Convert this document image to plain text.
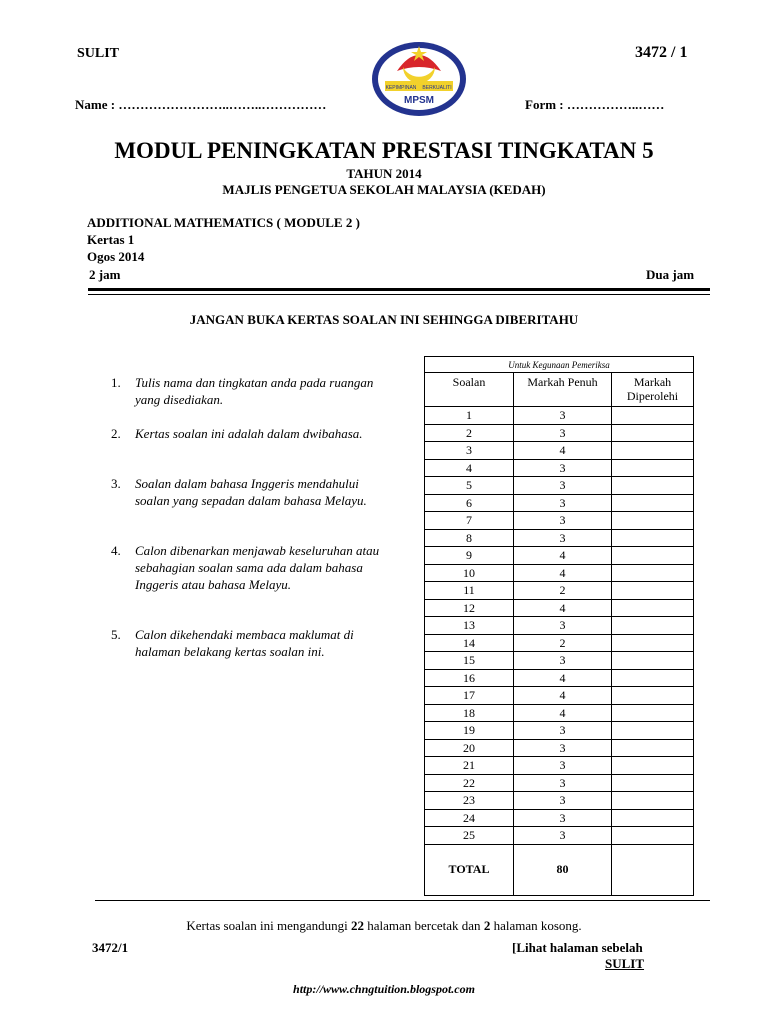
SULIT	3472 / 1
KEPIMPINAN BERKUALITI
MPSM
Name : ……………………..……..……………	Form : ……………..……
MODUL PENINGKATAN PRESTASI TINGKATAN 5
TAHUN 2014
MAJLIS PENGETUA SEKOLAH MALAYSIA (KEDAH)
ADDITIONAL MATHEMATICS ( MODULE 2 )
Kertas 1
Ogos 2014
2 jam	Dua jam
JANGAN BUKA KERTAS SOALAN INI SEHINGGA DIBERITAHU
1. Tulis nama dan tingkatan anda pada ruangan yang disediakan.
2. Kertas soalan ini adalah dalam dwibahasa.
3. Soalan dalam bahasa Inggeris mendahului soalan yang sepadan dalam bahasa Melayu.
4. Calon dibenarkan menjawab keseluruhan atau sebahagian soalan sama ada dalam bahasa Inggeris atau bahasa Melayu.
5. Calon dikehendaki membaca maklumat di halaman belakang kertas soalan ini.
Untuk Kegunaan Pemeriksa		
Soalan	Markah Penuh	Markah Diperolehi
1	3	
2	3	
3	4	
4	3	
5	3	
6	3	
7	3	
8	3	
9	4	
10	4	
11	2	
12	4	
13	3	
14	2	
15	3	
16	4	
17	4	
18	4	
19	3	
20	3	
21	3	
22	3	
23	3	
24	3	
25	3	
TOTAL	80	
Kertas soalan ini mengandungi 22 halaman bercetak dan 2 halaman kosong.
3472/1	[Lihat halaman sebelah
SULIT
http://www.chngtuition.blogspot.com
